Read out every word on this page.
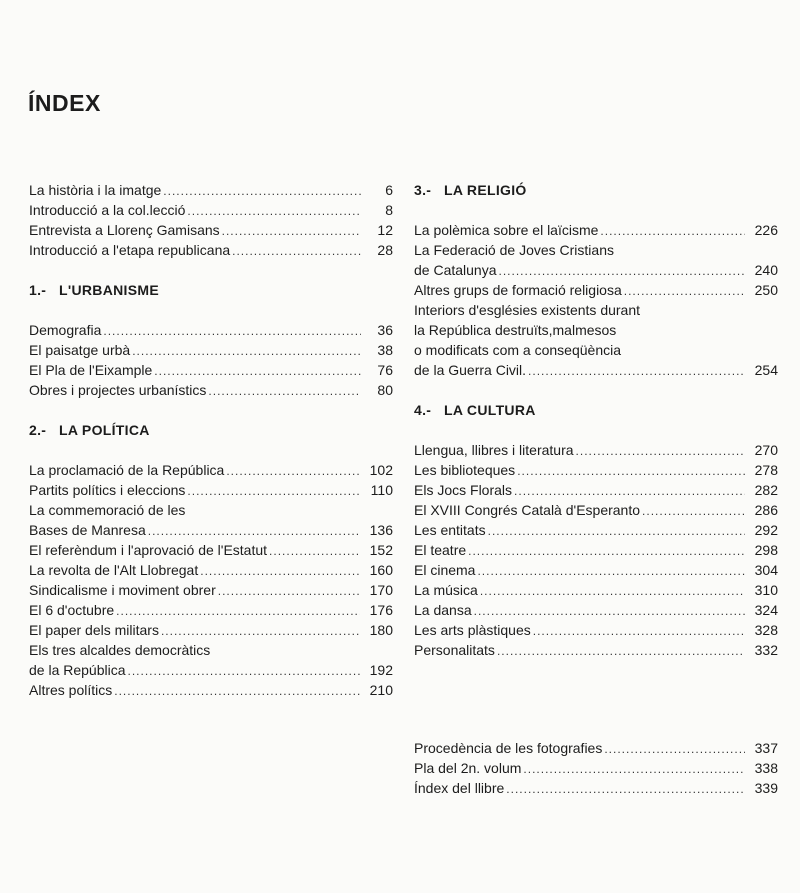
ÍNDEX
La història i la imatge .....	6
Introducció a la col.lecció .....	8
Entrevista a Llorenç Gamisans .....	12
Introducció a l'etapa republicana .....	28
1.- L'URBANISME
Demografia .....	36
El paisatge urbà .....	38
El Pla de l'Eixample .....	76
Obres i projectes urbanístics .....	80
2.- LA POLÍTICA
La proclamació de la República .....	102
Partits polítics i eleccions .....	110
La commemoració de les
Bases de Manresa .....	136
El referèndum i l'aprovació de l'Estatut .....	152
La revolta de l'Alt Llobregat .....	160
Sindicalisme i moviment obrer .....	170
El 6 d'octubre .....	176
El paper dels militars .....	180
Els tres alcaldes democràtics
de la República .....	192
Altres polítics .....	210
3.- LA RELIGIÓ
La polèmica sobre el laïcisme .....	226
La Federació de Joves Cristians
de Catalunya .....	240
Altres grups de formació religiosa .....	250
Interiors d'esglésies existents durant
la República destruïts,malmesos
o modificats com a conseqüència
de la Guerra Civil. .....	254
4.- LA CULTURA
Llengua, llibres i literatura .....	270
Les biblioteques .....	278
Els Jocs Florals .....	282
El XVIII Congrés Català d'Esperanto .....	286
Les entitats .....	292
El teatre .....	298
El cinema .....	304
La música .....	310
La dansa .....	324
Les arts plàstiques .....	328
Personalitats .....	332
Procedència de les fotografies .....	337
Pla del 2n. volum .....	338
Índex del llibre .....	339
